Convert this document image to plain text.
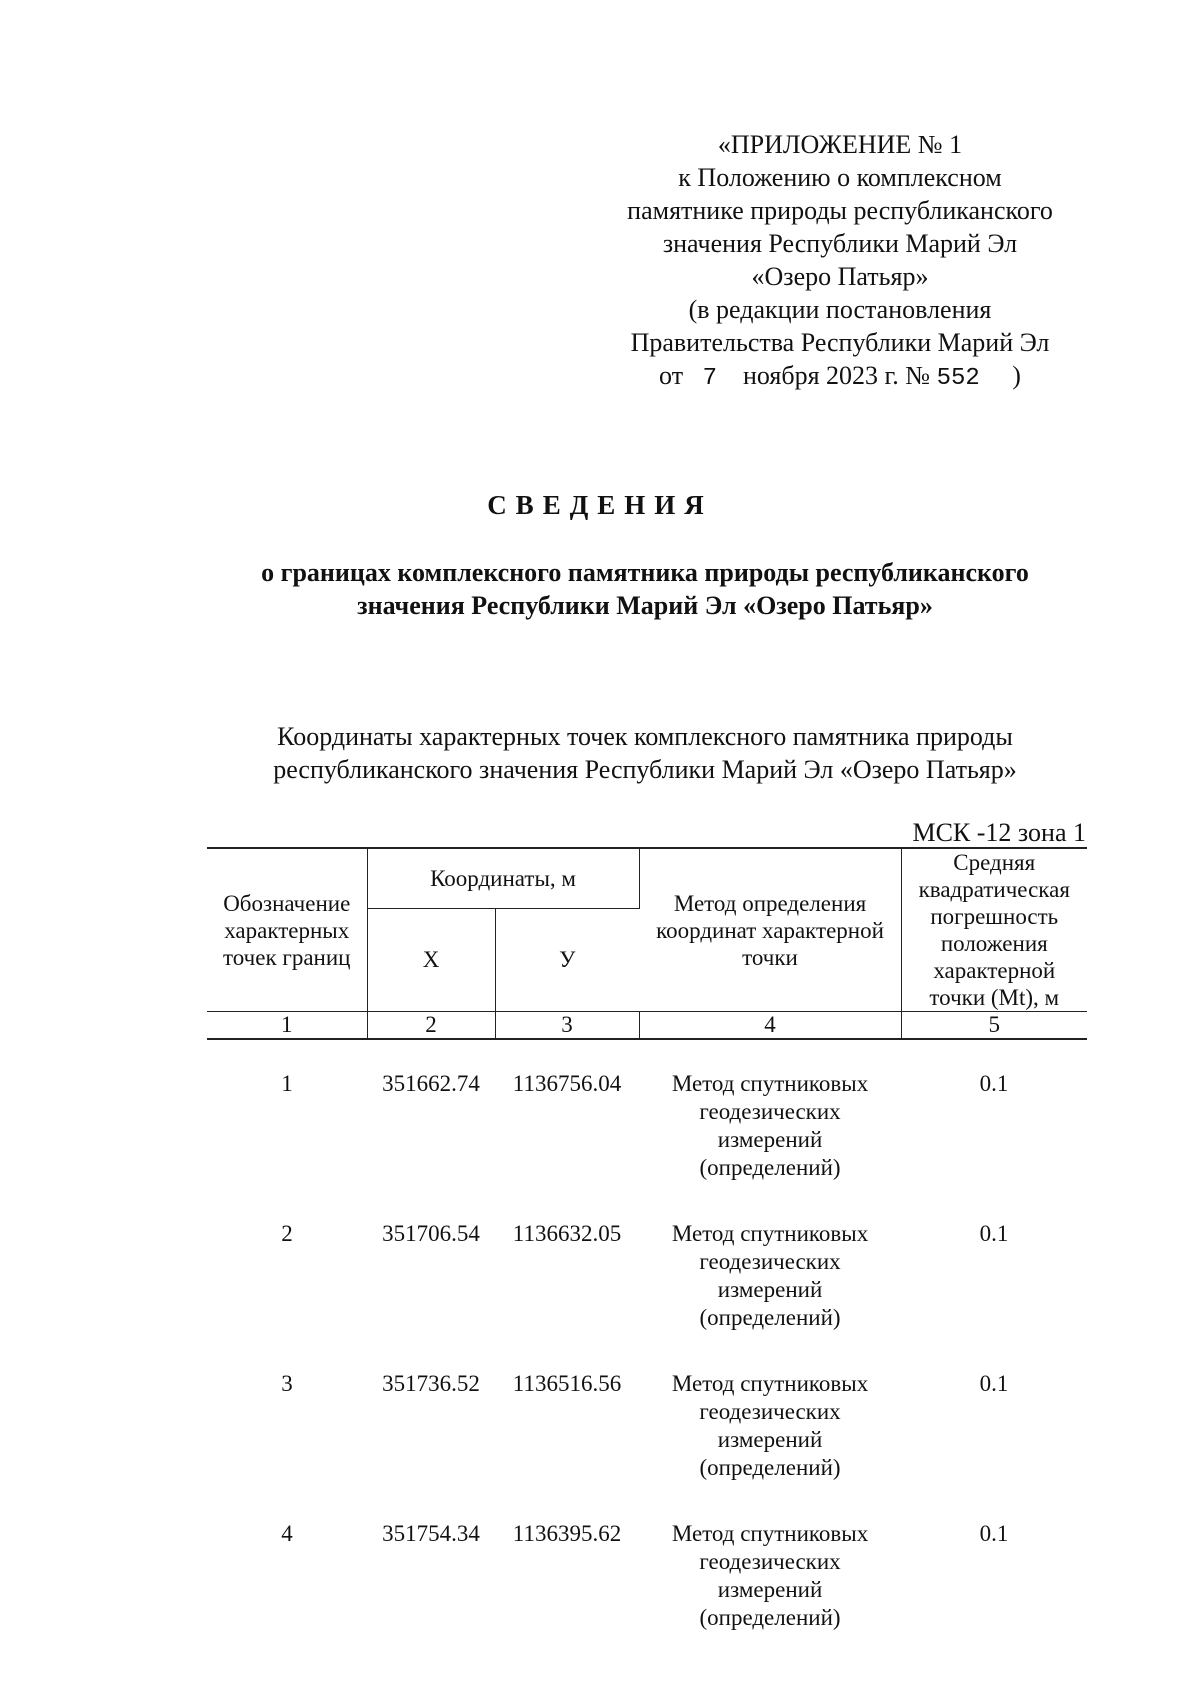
«ПРИЛОЖЕНИЕ № 1
к Положению о комплексном
памятнике природы республиканского
значения Республики Марий Эл
«Озеро Патьяр»
(в редакции постановления
Правительства Республики Марий Эл
от 7 ноября 2023 г. № 552 )
СВЕДЕНИЯ
о границах комплексного памятника природы республиканского
значения Республики Марий Эл «Озеро Патьяр»
Координаты характерных точек комплексного памятника природы
республиканского значения Республики Марий Эл «Озеро Патьяр»
МСК -12 зона 1
Обозначение характерных точек границ	Координаты, м		Метод определения координат характерной точки	Средняя квадратическая погрешность положения характерной точки (Mt), м
	Х	У		
1	2	3	4	5
1	351662.74	1136756.04	Метод спутниковых
геодезических
измерений
(определений)	0.1

2	351706.54	1136632.05	Метод спутниковых
геодезических
измерений
(определений)	0.1

3	351736.52	1136516.56	Метод спутниковых
геодезических
измерений
(определений)	0.1

4	351754.34	1136395.62	Метод спутниковых
геодезических
измерений
(определений)	0.1
